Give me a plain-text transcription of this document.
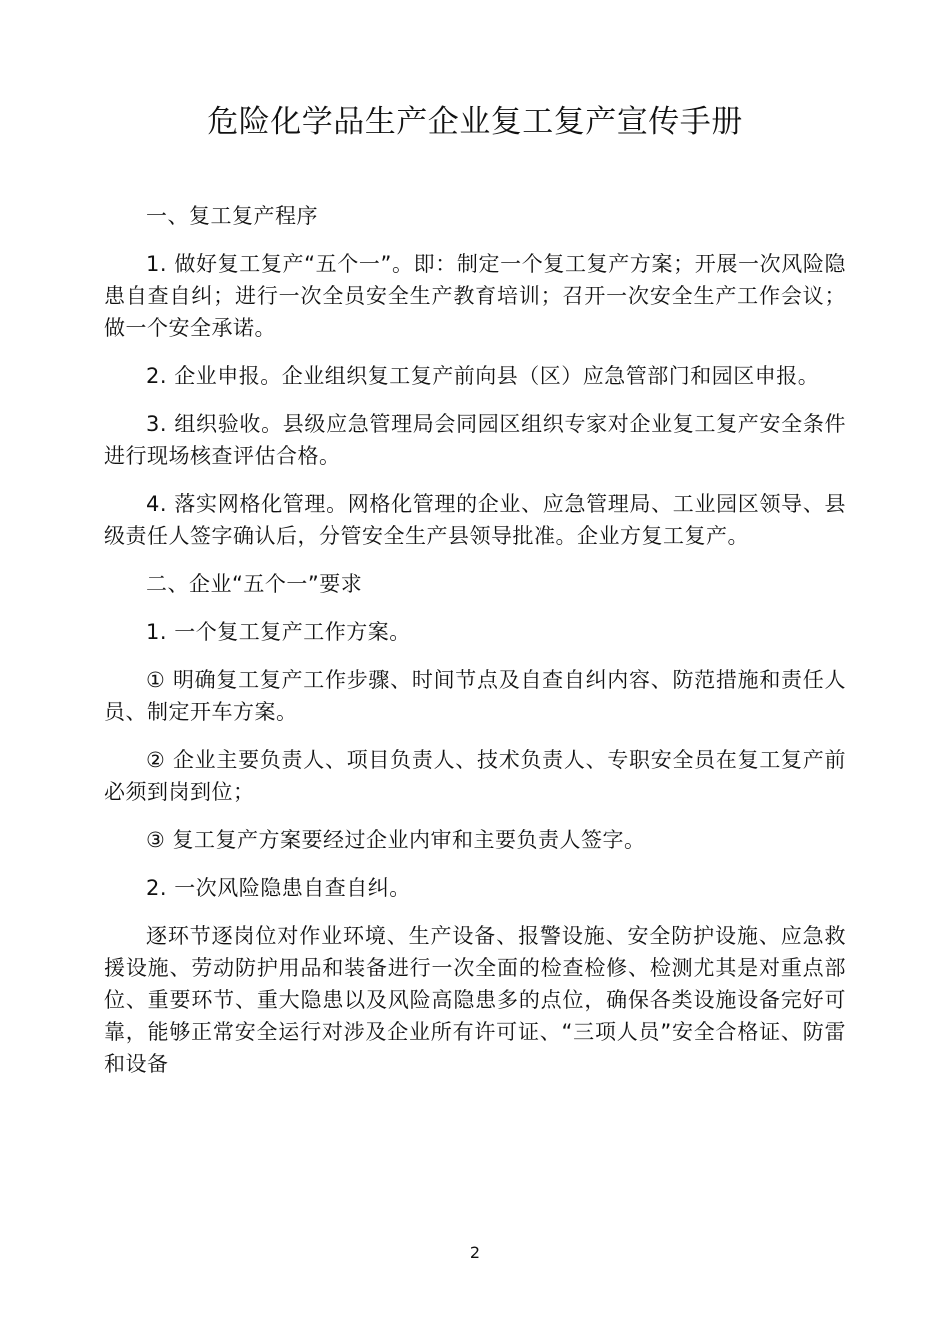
危险化学品生产企业复工复产宣传手册

一、复工复产程序

1. 做好复工复产“五个一”。即：制定一个复工复产方案；开展一次风险隐患自查自纠；进行一次全员安全生产教育培训；召开一次安全生产工作会议；做一个安全承诺。

2. 企业申报。企业组织复工复产前向县（区）应急管部门和园区申报。

3. 组织验收。县级应急管理局会同园区组织专家对企业复工复产安全条件进行现场核查评估合格。

4. 落实网格化管理。网格化管理的企业、应急管理局、工业园区领导、县级责任人签字确认后，分管安全生产县领导批准。企业方复工复产。

二、企业“五个一”要求

1. 一个复工复产工作方案。

① 明确复工复产工作步骤、时间节点及自查自纠内容、防范措施和责任人员、制定开车方案。

② 企业主要负责人、项目负责人、技术负责人、专职安全员在复工复产前必须到岗到位；

③ 复工复产方案要经过企业内审和主要负责人签字。

2. 一次风险隐患自查自纠。

逐环节逐岗位对作业环境、生产设备、报警设施、安全防护设施、应急救援设施、劳动防护用品和装备进行一次全面的检查检修、检测尤其是对重点部位、重要环节、重大隐患以及风险高隐患多的点位，确保各类设施设备完好可靠，能够正常安全运行对涉及企业所有许可证、“三项人员”安全合格证、防雷和设备

2
